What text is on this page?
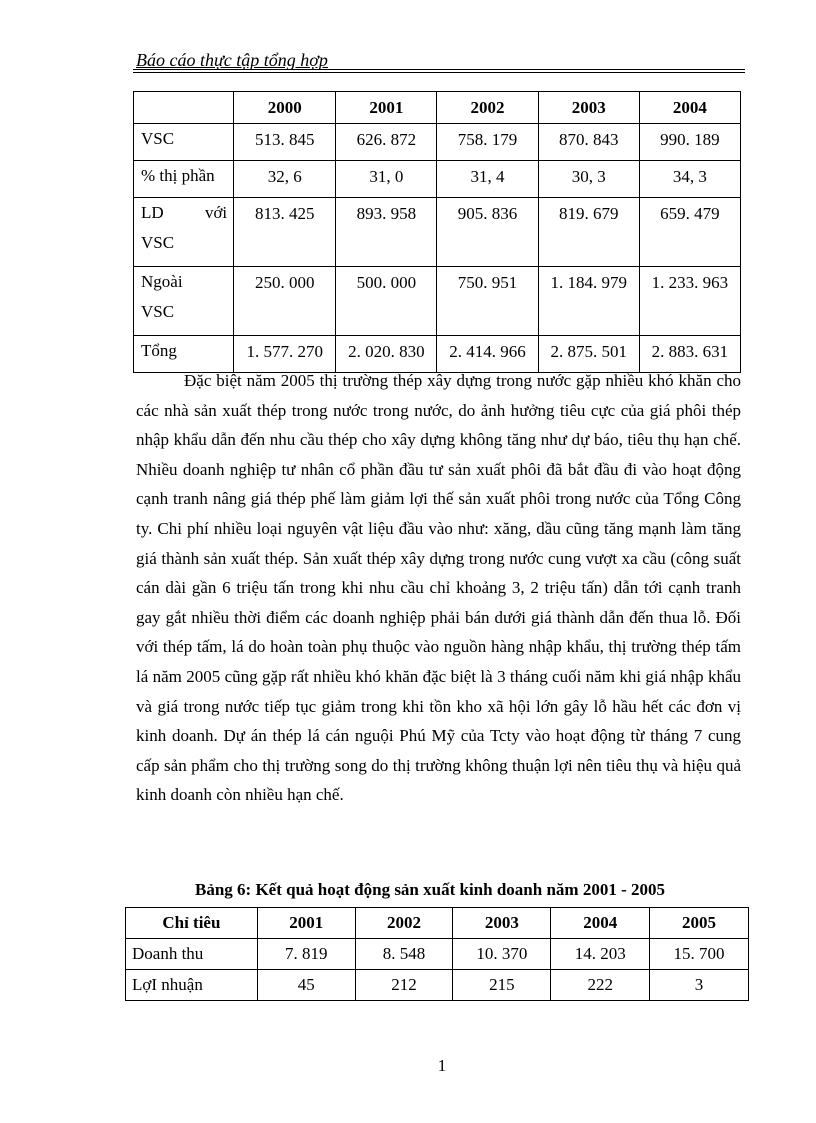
Báo cáo thực tập tổng hợp
	2000	2001	2002	2003	2004
VSC	513. 845	626. 872	758. 179	870. 843	990. 189
% thị phần	32, 6	31, 0	31, 4	30, 3	34, 3

LD với
VSC	813. 425	893. 958	905. 836	819. 679	659. 479

Ngoài
VSC	250. 000	500. 000	750. 951	1. 184. 979	1. 233. 963
Tổng	1. 577. 270	2. 020. 830	2. 414. 966	2. 875. 501	2. 883. 631

Đặc biệt năm 2005 thị trường thép xây dựng trong nước gặp nhiều khó khăn cho các nhà sản xuất thép trong nước trong nước, do ảnh hưởng tiêu cực của giá phôi thép nhập khẩu dẫn đến nhu cầu thép cho xây dựng không tăng như dự báo, tiêu thụ hạn chế. Nhiều doanh nghiệp tư nhân cổ phần đầu tư sản xuất phôi đã bắt đầu đi vào hoạt động cạnh tranh nâng giá thép phế làm giảm lợi thế sản xuất phôi trong nước của Tổng Công ty. Chi phí nhiều loại nguyên vật liệu đầu vào như: xăng, dầu cũng tăng mạnh làm tăng giá thành sản xuất thép. Sản xuất thép xây dựng trong nước cung vượt xa cầu (công suất cán dài gần 6 triệu tấn trong khi nhu cầu chỉ khoảng 3, 2 triệu tấn) dẫn tới cạnh tranh gay gắt nhiều thời điểm các doanh nghiệp phải bán dưới giá thành dẫn đến thua lỗ. Đối với thép tấm, lá do hoàn toàn phụ thuộc vào nguồn hàng nhập khẩu, thị trường thép tấm lá năm 2005 cũng gặp rất nhiều khó khăn đặc biệt là 3 tháng cuối năm khi giá nhập khẩu và giá trong nước tiếp tục giảm trong khi tồn kho xã hội lớn gây lỗ hầu hết các đơn vị kinh doanh. Dự án thép lá cán nguội Phú Mỹ của Tcty vào hoạt động từ tháng 7 cung cấp sản phẩm cho thị trường song do thị trường không thuận lợi nên tiêu thụ và hiệu quả kinh doanh còn nhiều hạn chế.

Bảng 6: Kết quả hoạt động sản xuất kinh doanh năm 2001 - 2005
Chỉ tiêu	2001	2002	2003	2004	2005
Doanh thu	7. 819	8. 548	10. 370	14. 203	15. 700
LợI nhuận	45	212	215	222	3
1
